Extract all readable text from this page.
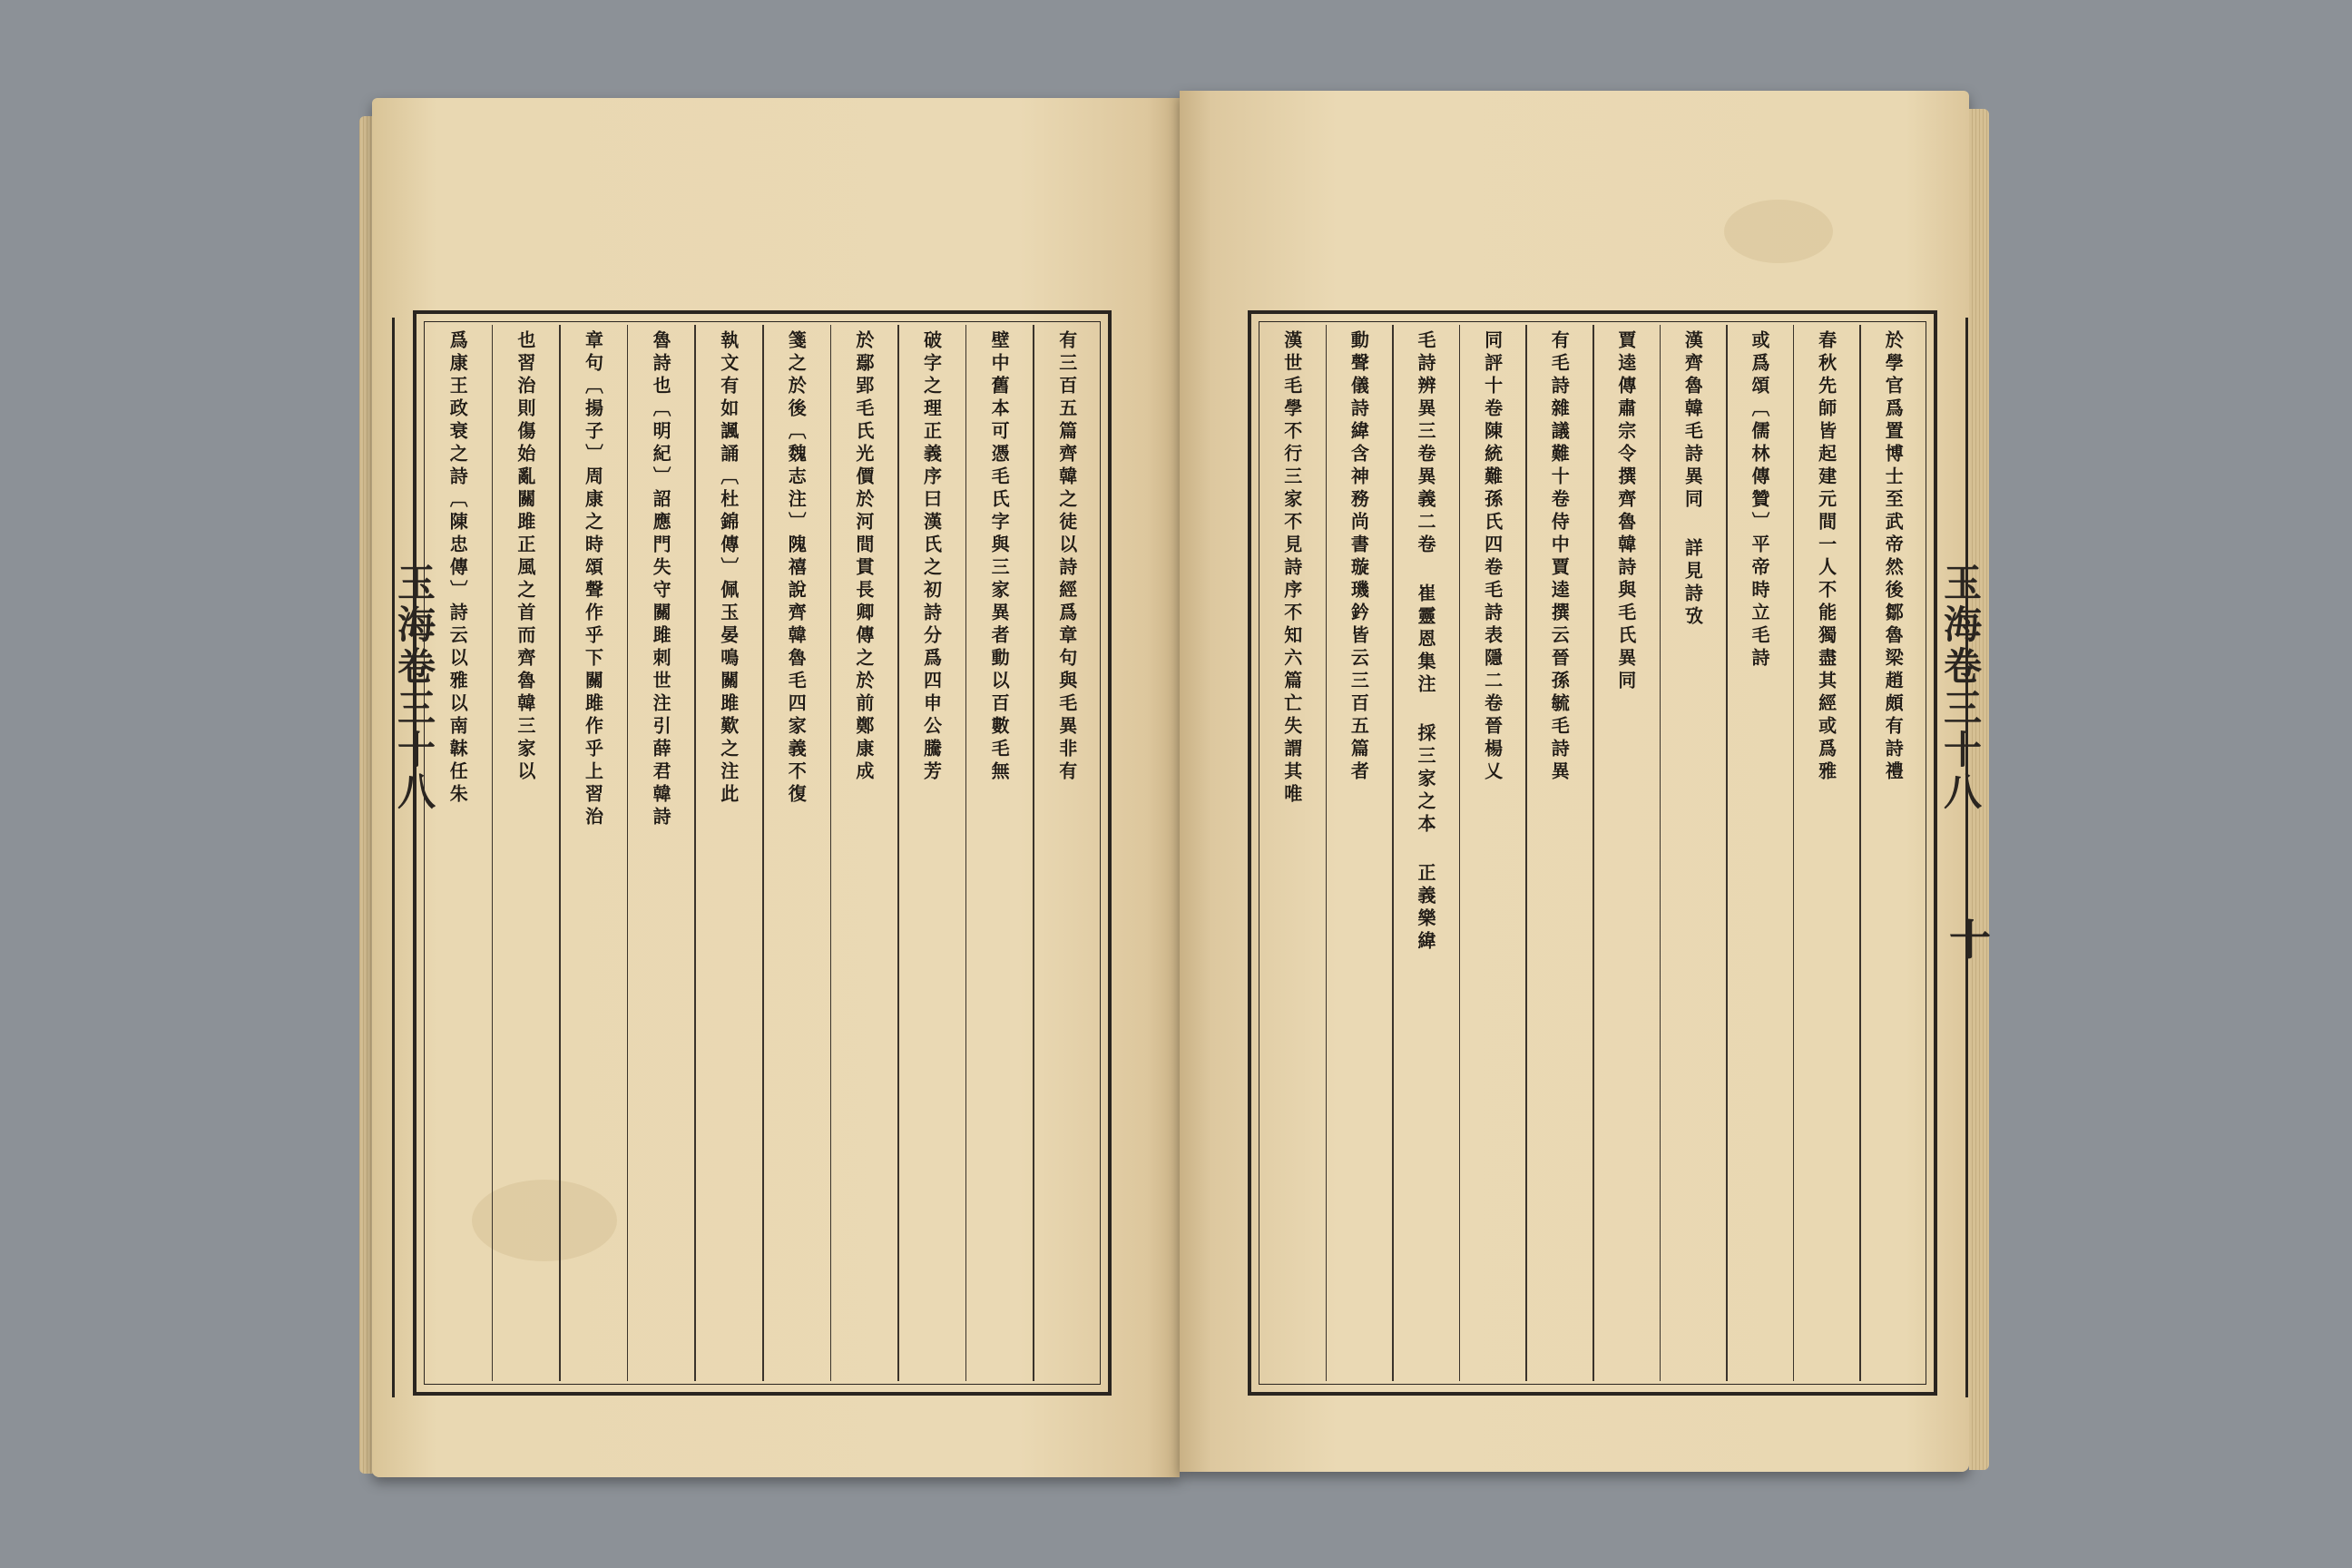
玉海卷三十八	有三百五篇齊韓之徒以詩經爲章句與毛異非有
壁中舊本可憑毛氏字與三家異者動以百數毛無
破字之理正義序曰漢氏之初詩分爲四申公騰芳
於鄢郢毛氏光價於河間貫長卿傳之於前鄭康成
箋之於後〔魏志注〕隗禧說齊韓魯毛四家義不復
執文有如諷誦〔杜錦傳〕佩玉晏鳴關雎歎之注此
魯詩也〔明紀〕詔應門失守關雎刺世注引薛君韓詩
章句〔揚子〕周康之時頌聲作乎下關雎作乎上習治
也習治則傷始亂關雎正風之首而齊魯韓三家以
爲康王政衰之詩〔陳忠傳〕詩云以雅以南韎任朱	玉海卷三十八
於學官爲置博士至武帝然後鄒魯梁趙頗有詩禮
春秋先師皆起建元間一人不能獨盡其經或爲雅
或爲頌〔儒林傳贊〕平帝時立毛詩
漢齊魯韓毛詩異同 詳見詩攷
賈逵傳肅宗令撰齊魯韓詩與毛氏異同
有毛詩雜議難十卷侍中賈逵撰云晉孫毓毛詩異
同評十卷陳統難孫氏四卷毛詩表隱二卷晉楊乂
毛詩辨異三卷異義二卷 崔靈恩集注 採三家之本 正義樂緯
動聲儀詩緯含神務尚書璇璣鈐皆云三百五篇者
漢世毛學不行三家不見詩序不知六篇亡失謂其唯
十
